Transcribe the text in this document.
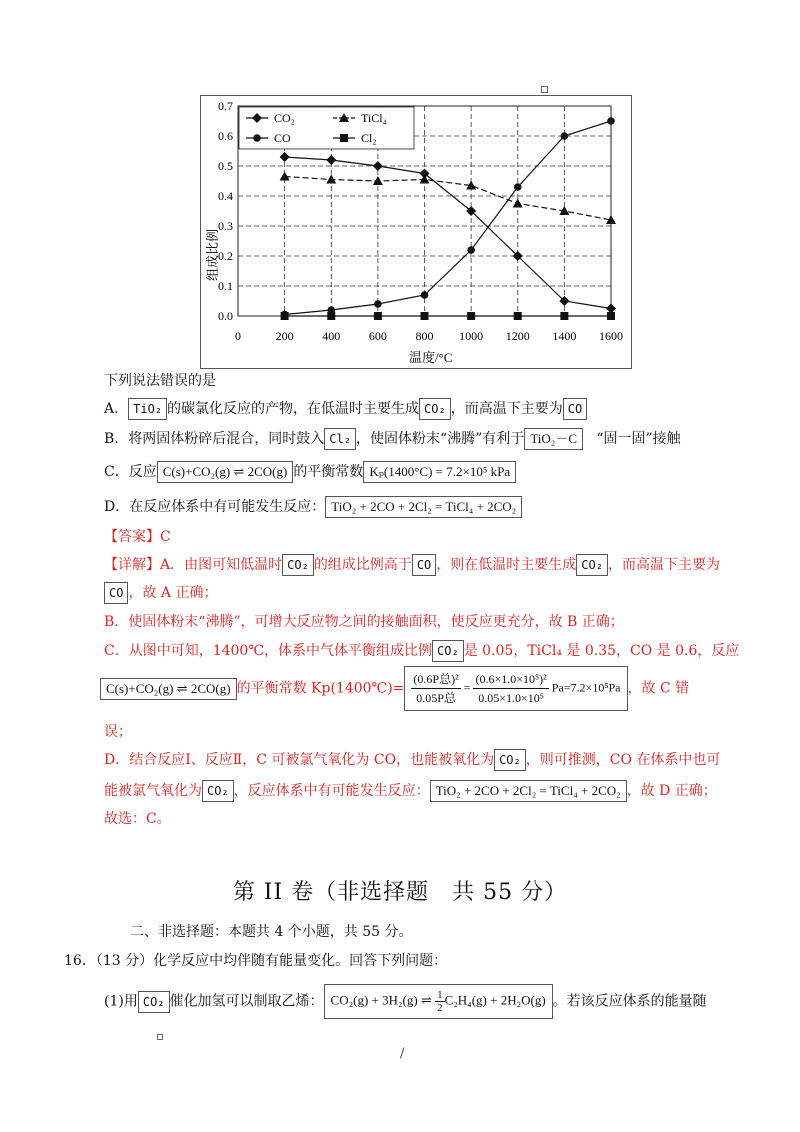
0.0
0.1
0.2
0.3
0.4
0.5
0.6
0.7
0	200 400 600 800 1000 1200 1400 1600
CO₂	TiCl₄
CO	Cl₂
组成比例
温度/°C
下列说法错误的是
A． TiO₂ 的碳氯化反应的产物，在低温时主要生成 CO₂ ，而高温下主要为 CO
B．将两固体粉碎后混合，同时鼓入 Cl₂ ，使固体粉末“沸腾”有利于 TiO₂－C “固一固”接触
C．反应 C(s)+CO₂(g) ⇌ 2CO(g) 的平衡常数 Kₚ(1400°C) = 7.2×10⁵ kPa
D．在反应体系中有可能发生反应： TiO₂ + 2CO + 2Cl₂ = TiCl₄ + 2CO₂
【答案】C
【详解】A．由图可知低温时 CO₂ 的组成比例高于 CO ，则在低温时主要生成 CO₂ ，而高温下主要为
CO ，故 A 正确；
B．使固体粉末“沸腾”，可增大反应物之间的接触面积，使反应更充分，故 B 正确；
C．从图中可知，1400℃，体系中气体平衡组成比例 CO₂ 是 0.05，TiCl₄ 是 0.35，CO 是 0.6，反应
C(s)+CO₂(g) ⇌ 2CO(g) 的平衡常数 Kp(1400℃)= $\frac{\text{(0.6P总)²}}{\text{0.05P总}} = \frac{\text{(0.6×1.0×10⁵)²}}{\text{0.05×1.0×10⁵}} Pa=7.2\times 10^5Pa$ ，故 C 错
误；
D．结合反应Ⅰ、反应Ⅱ，C 可被氯气氧化为 CO，也能被氧化为 CO₂ ，则可推测，CO 在体系中也可
能被氯气氧化为 CO₂ ，反应体系中有可能发生反应： TiO₂ + 2CO + 2Cl₂ = TiCl₄ + 2CO₂ ，故 D 正确；
故选：C。
第 II 卷（非选择题　共 55 分）
二、非选择题：本题共 4 个小题，共 55 分。
16．（13 分）化学反应中均伴随有能量变化。回答下列问题：
(1)用 CO₂ 催化加氢可以制取乙烯： CO₂(g) + 3H₂(g) ⇌ $\frac{1}{2} C_2H_4(g) + 2H_2O(g)$ 。若该反应体系的能量随
/
